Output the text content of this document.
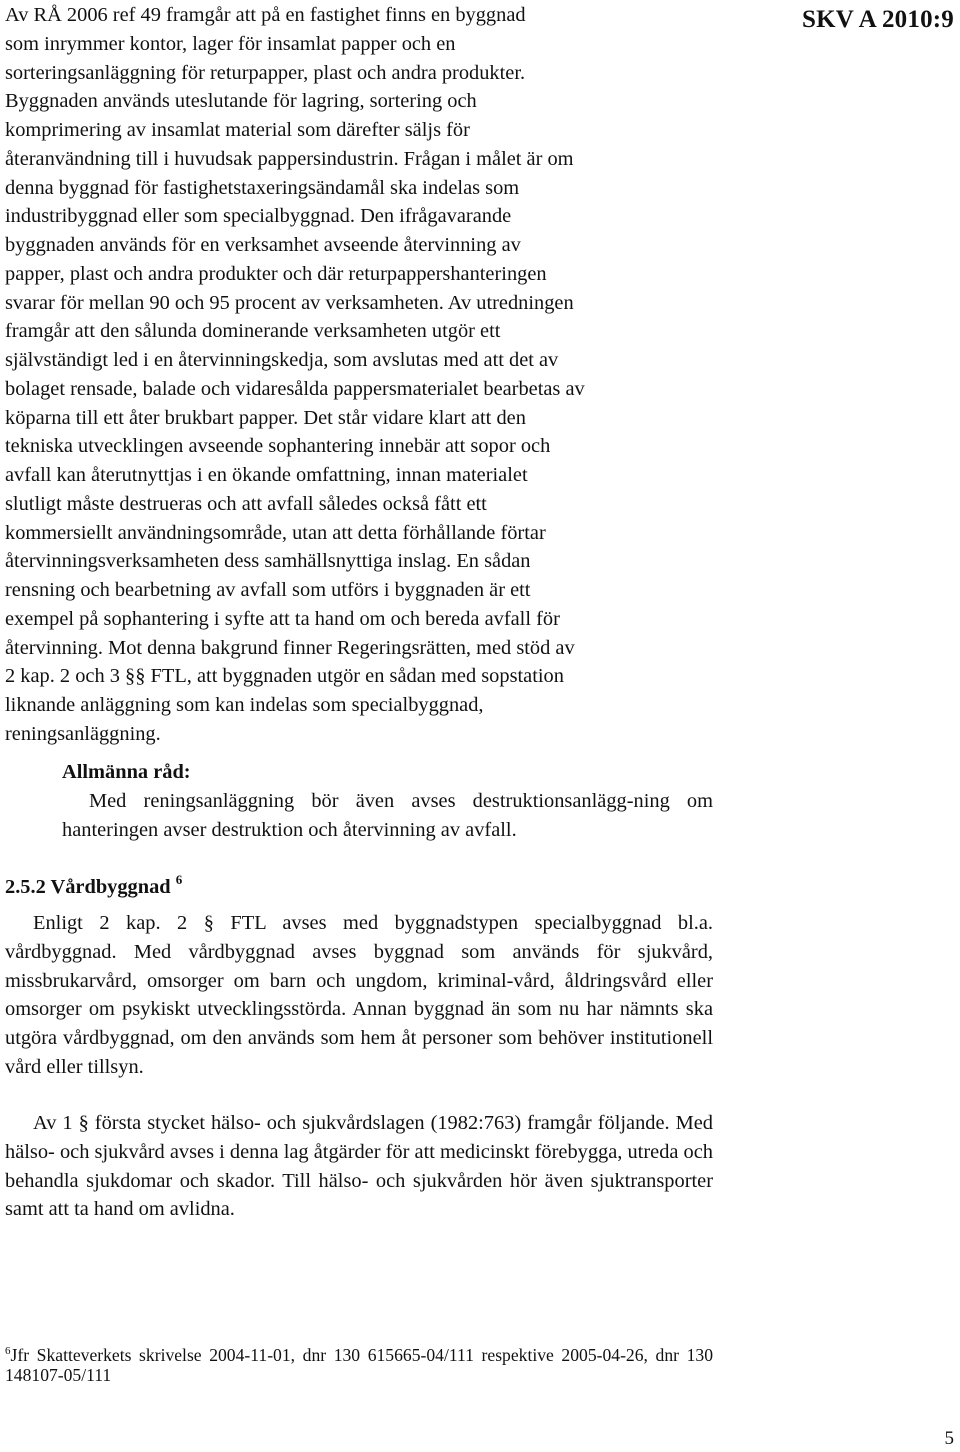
SKV A 2010:9

Av RÅ 2006 ref 49 framgår att på en fastighet finns en byggnad
som inrymmer kontor, lager för insamlat papper och en
sorteringsanläggning för returpapper, plast och andra produkter.
Byggnaden används uteslutande för lagring, sortering och
komprimering av insamlat material som därefter säljs för
återanvändning till i huvudsak pappersindustrin. Frågan i målet är om
denna byggnad för fastighetstaxeringsändamål ska indelas som
industribyggnad eller som specialbyggnad. Den ifrågavarande
byggnaden används för en verksamhet avseende återvinning av
papper, plast och andra produkter och där returpappershanteringen
svarar för mellan 90 och 95 procent av verksamheten. Av utredningen
framgår att den sålunda dominerande verksamheten utgör ett
självständigt led i en återvinningskedja, som avslutas med att det av
bolaget rensade, balade och vidaresålda pappersmaterialet bearbetas av
köparna till ett åter brukbart papper. Det står vidare klart att den
tekniska utvecklingen avseende sophantering innebär att sopor och
avfall kan återutnyttjas i en ökande omfattning, innan materialet
slutligt måste destrueras och att avfall således också fått ett
kommersiellt användningsområde, utan att detta förhållande förtar
återvinningsverksamheten dess samhällsnyttiga inslag. En sådan
rensning och bearbetning av avfall som utförs i byggnaden är ett
exempel på sophantering i syfte att ta hand om och bereda avfall för
återvinning. Mot denna bakgrund finner Regeringsrätten, med stöd av
2 kap. 2 och 3 §§ FTL, att byggnaden utgör en sådan med sopstation
liknande anläggning som kan indelas som specialbyggnad,
reningsanläggning.

Allmänna råd:

Med reningsanläggning bör även avses destruktionsanlägg-ning om hanteringen avser destruktion och återvinning av avfall.

2.5.2 Vårdbyggnad $^6$

Enligt 2 kap. 2 § FTL avses med byggnadstypen specialbyggnad bl.a. vårdbyggnad. Med vårdbyggnad avses byggnad som används för sjukvård, missbrukarvård, omsorger om barn och ungdom, kriminal-vård, åldringsvård eller omsorger om psykiskt utvecklingsstörda. Annan byggnad än som nu har nämnts ska utgöra vårdbyggnad, om den används som hem åt personer som behöver institutionell vård eller tillsyn.

Av 1 § första stycket hälso- och sjukvårdslagen (1982:763) framgår följande. Med hälso- och sjukvård avses i denna lag åtgärder för att medicinskt förebygga, utreda och behandla sjukdomar och skador. Till hälso- och sjukvården hör även sjuktransporter samt att ta hand om avlidna.

$^6$Jfr Skatteverkets skrivelse 2004-11-01, dnr 130 615665-04/111 respektive 2005-04-26, dnr 130 148107-05/111

5
